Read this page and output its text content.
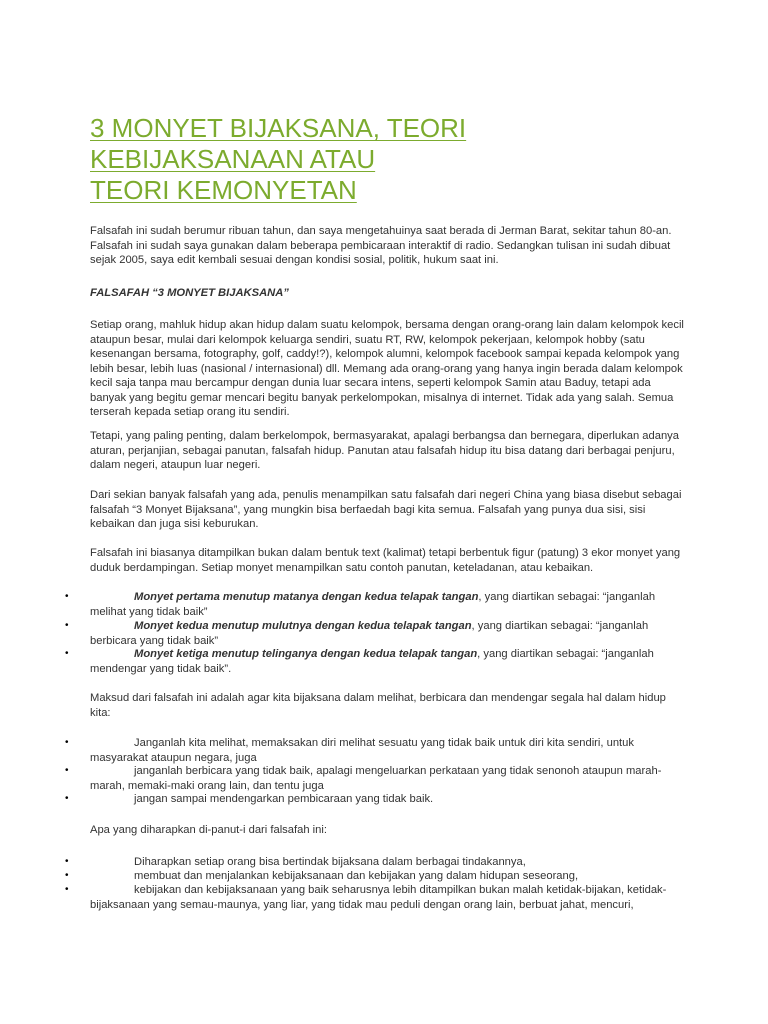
3 MONYET BIJAKSANA, TEORI
KEBIJAKSANAAN ATAU
TEORI KEMONYETAN

Falsafah ini sudah berumur ribuan tahun, dan saya mengetahuinya saat berada di Jerman Barat, sekitar tahun 80-an. Falsafah ini sudah saya gunakan dalam beberapa pembicaraan interaktif di radio. Sedangkan tulisan ini sudah dibuat sejak 2005, saya edit kembali sesuai dengan kondisi sosial, politik, hukum saat ini.

FALSAFAH “3 MONYET BIJAKSANA”

Setiap orang, mahluk hidup akan hidup dalam suatu kelompok, bersama dengan orang-orang lain dalam kelompok kecil ataupun besar, mulai dari kelompok keluarga sendiri, suatu RT, RW, kelompok pekerjaan, kelompok hobby (satu kesenangan bersama, fotography, golf, caddy!?), kelompok alumni, kelompok facebook sampai kepada kelompok yang lebih besar, lebih luas (nasional / internasional) dll. Memang ada orang-orang yang hanya ingin berada dalam kelompok kecil saja tanpa mau bercampur dengan dunia luar secara intens, seperti kelompok Samin atau Baduy, tetapi ada banyak yang begitu gemar mencari begitu banyak perkelompokan, misalnya di internet. Tidak ada yang salah. Semua terserah kepada setiap orang itu sendiri.

Tetapi, yang paling penting, dalam berkelompok, bermasyarakat, apalagi berbangsa dan bernegara, diperlukan adanya aturan, perjanjian, sebagai panutan, falsafah hidup. Panutan atau falsafah hidup itu bisa datang dari berbagai penjuru, dalam negeri, ataupun luar negeri.

Dari sekian banyak falsafah yang ada, penulis menampilkan satu falsafah dari negeri China yang biasa disebut sebagai falsafah “3 Monyet Bijaksana”, yang mungkin bisa berfaedah bagi kita semua. Falsafah yang punya dua sisi, sisi kebaikan dan juga sisi keburukan.

Falsafah ini biasanya ditampilkan bukan dalam bentuk text (kalimat) tetapi berbentuk figur (patung) 3 ekor monyet yang duduk berdampingan. Setiap monyet menampilkan satu contoh panutan, keteladanan, atau kebaikan.

•	Monyet pertama menutup matanya dengan kedua telapak tangan, yang diartikan sebagai: “janganlah melihat yang tidak baik”

•	Monyet kedua menutup mulutnya dengan kedua telapak tangan, yang diartikan sebagai: “janganlah berbicara yang tidak baik”

•	Monyet ketiga menutup telinganya dengan kedua telapak tangan, yang diartikan sebagai: “janganlah mendengar yang tidak baik”.

Maksud dari falsafah ini adalah agar kita bijaksana dalam melihat, berbicara dan mendengar segala hal dalam hidup kita:

•	Janganlah kita melihat, memaksakan diri melihat sesuatu yang tidak baik untuk diri kita sendiri, untuk masyarakat ataupun negara, juga

•	janganlah berbicara yang tidak baik, apalagi mengeluarkan perkataan yang tidak senonoh ataupun marah-marah, memaki-maki orang lain, dan tentu juga

•	jangan sampai mendengarkan pembicaraan yang tidak baik.

Apa yang diharapkan di-panut-i dari falsafah ini:

•	Diharapkan setiap orang bisa bertindak bijaksana dalam berbagai tindakannya,

•	membuat dan menjalankan kebijaksanaan dan kebijakan yang dalam hidupan seseorang,

•	kebijakan dan kebijaksanaan yang baik seharusnya lebih ditampilkan bukan malah ketidak-bijakan, ketidak-bijaksanaan yang semau-maunya, yang liar, yang tidak mau peduli dengan orang lain, berbuat jahat, mencuri,
